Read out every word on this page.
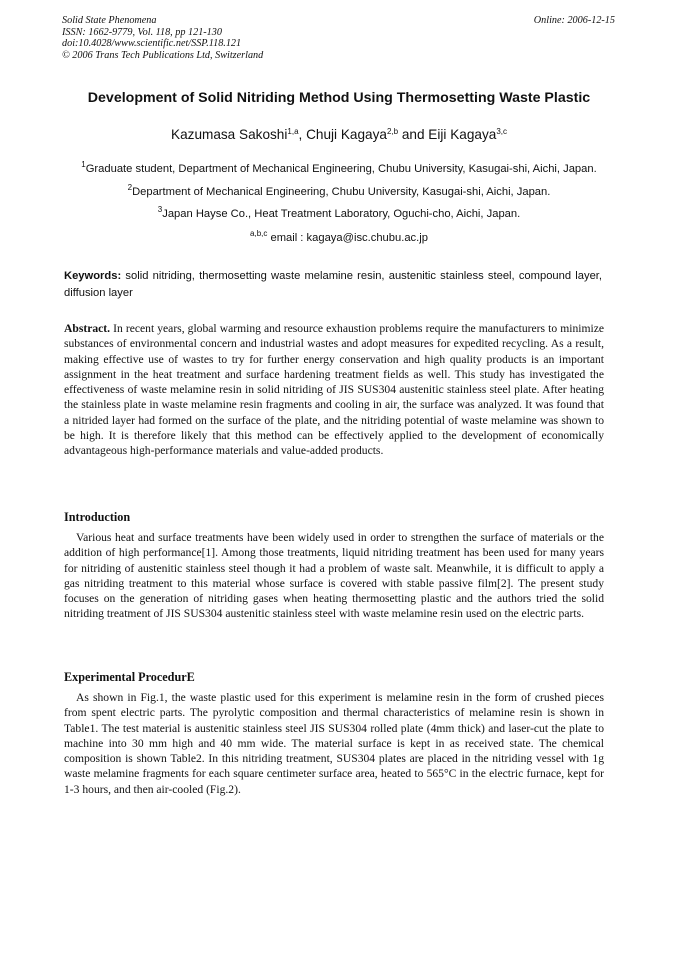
Solid State Phenomena
ISSN: 1662-9779, Vol. 118, pp 121-130
doi:10.4028/www.scientific.net/SSP.118.121
© 2006 Trans Tech Publications Ltd, Switzerland
Online: 2006-12-15
Development of Solid Nitriding Method Using Thermosetting Waste Plastic
Kazumasa Sakoshi$^{1,a}$, Chuji Kagaya$^{2,b}$ and Eiji Kagaya$^{3,c}$
$^1$Graduate student, Department of Mechanical Engineering, Chubu University, Kasugai-shi, Aichi, Japan.
$^2$Department of Mechanical Engineering, Chubu University, Kasugai-shi, Aichi, Japan.
$^3$Japan Hayse Co., Heat Treatment Laboratory, Oguchi-cho, Aichi, Japan.
$^{a,b,c}$ email : kagaya@isc.chubu.ac.jp
Keywords: solid nitriding, thermosetting waste melamine resin, austenitic stainless steel, compound layer, diffusion layer
Abstract. In recent years, global warming and resource exhaustion problems require the manufacturers to minimize substances of environmental concern and industrial wastes and adopt measures for expedited recycling. As a result, making effective use of wastes to try for further energy conservation and high quality products is an important assignment in the heat treatment and surface hardening treatment fields as well. This study has investigated the effectiveness of waste melamine resin in solid nitriding of JIS SUS304 austenitic stainless steel plate. After heating the stainless plate in waste melamine resin fragments and cooling in air, the surface was analyzed. It was found that a nitrided layer had formed on the surface of the plate, and the nitriding potential of waste melamine was shown to be high. It is therefore likely that this method can be effectively applied to the development of economically advantageous high-performance materials and value-added products.
Introduction
Various heat and surface treatments have been widely used in order to strengthen the surface of materials or the addition of high performance[1]. Among those treatments, liquid nitriding treatment has been used for many years for nitriding of austenitic stainless steel though it had a problem of waste salt. Meanwhile, it is difficult to apply a gas nitriding treatment to this material whose surface is covered with stable passive film[2]. The present study focuses on the generation of nitriding gases when heating thermosetting plastic and the authors tried the solid nitriding treatment of JIS SUS304 austenitic stainless steel with waste melamine resin used on the electric parts.
Experimental ProcedurE
As shown in Fig.1, the waste plastic used for this experiment is melamine resin in the form of crushed pieces from spent electric parts. The pyrolytic composition and thermal characteristics of melamine resin is shown in Table1. The test material is austenitic stainless steel JIS SUS304 rolled plate (4mm thick) and laser-cut the plate to machine into 30 mm high and 40 mm wide. The material surface is kept in as received state. The chemical composition is shown Table2. In this nitriding treatment, SUS304 plates are placed in the nitriding vessel with 1g waste melamine fragments for each square centimeter surface area, heated to 565°C in the electric furnace, kept for 1-3 hours, and then air-cooled (Fig.2).
